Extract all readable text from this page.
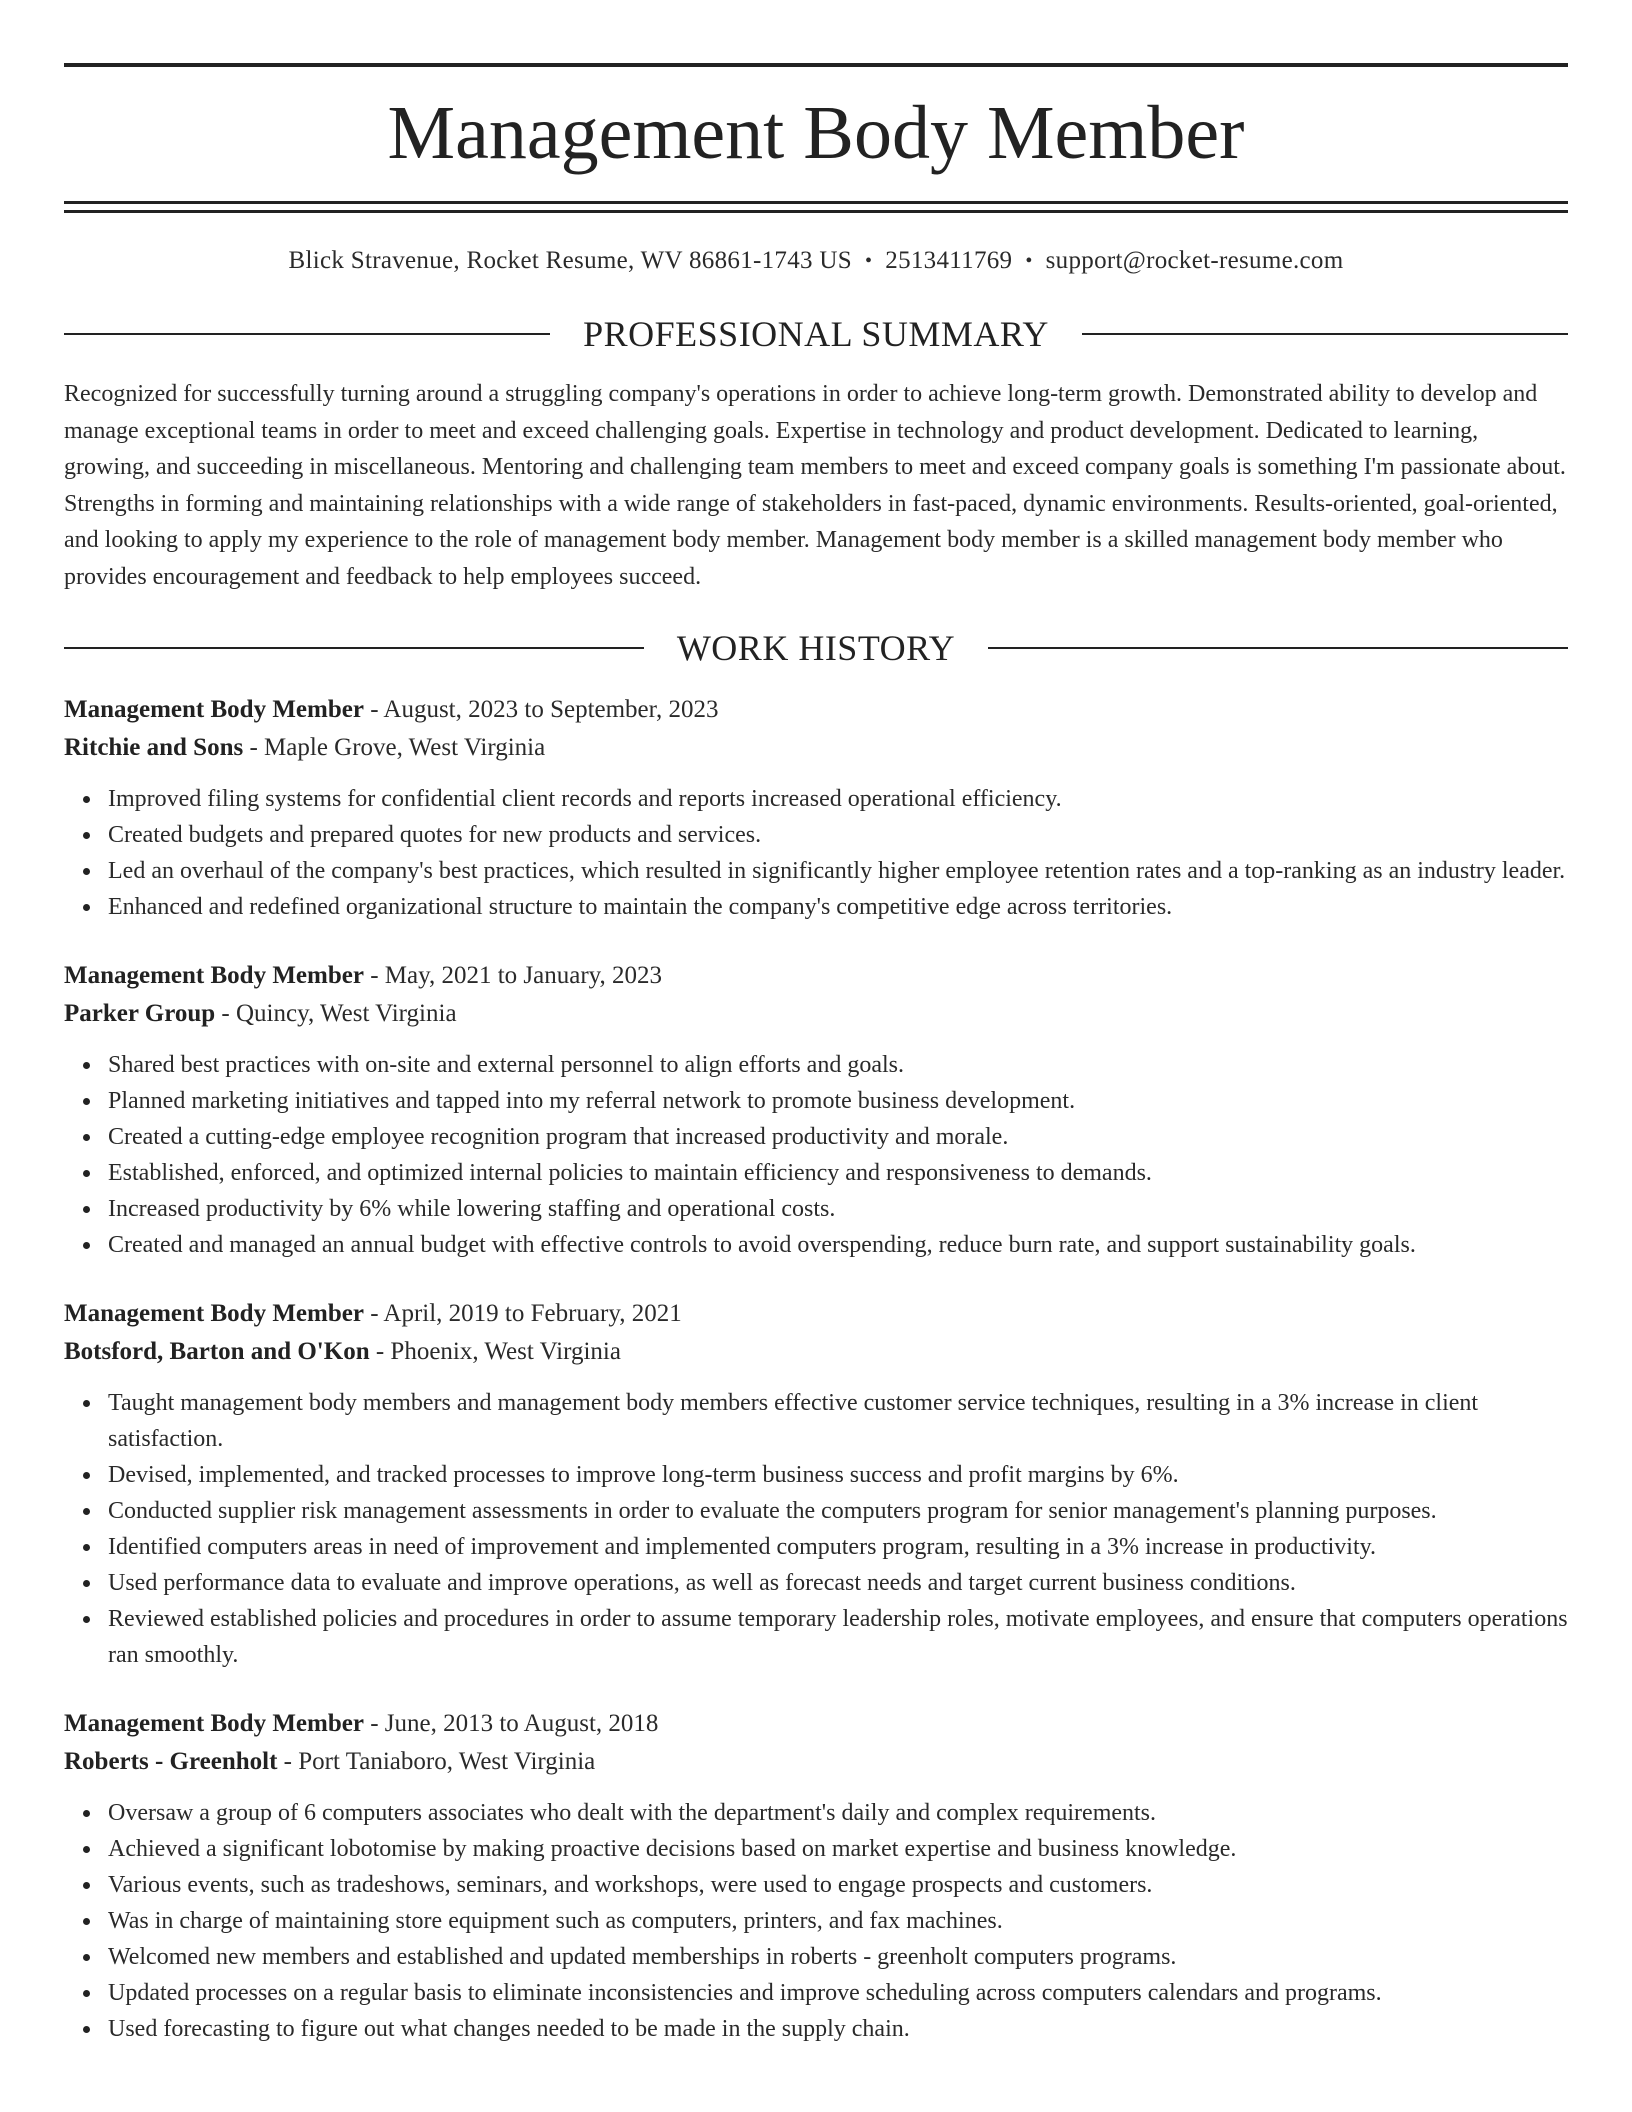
Management Body Member
Blick Stravenue, Rocket Resume, WV 86861-1743 US • 2513411769 • support@rocket-resume.com
PROFESSIONAL SUMMARY
Recognized for successfully turning around a struggling company's operations in order to achieve long-term growth. Demonstrated ability to develop and manage exceptional teams in order to meet and exceed challenging goals. Expertise in technology and product development. Dedicated to learning, growing, and succeeding in miscellaneous. Mentoring and challenging team members to meet and exceed company goals is something I'm passionate about. Strengths in forming and maintaining relationships with a wide range of stakeholders in fast-paced, dynamic environments. Results-oriented, goal-oriented, and looking to apply my experience to the role of management body member. Management body member is a skilled management body member who provides encouragement and feedback to help employees succeed.
WORK HISTORY
Management Body Member - August, 2023 to September, 2023
Ritchie and Sons - Maple Grove, West Virginia
Improved filing systems for confidential client records and reports increased operational efficiency.
Created budgets and prepared quotes for new products and services.
Led an overhaul of the company's best practices, which resulted in significantly higher employee retention rates and a top-ranking as an industry leader.
Enhanced and redefined organizational structure to maintain the company's competitive edge across territories.
Management Body Member - May, 2021 to January, 2023
Parker Group - Quincy, West Virginia
Shared best practices with on-site and external personnel to align efforts and goals.
Planned marketing initiatives and tapped into my referral network to promote business development.
Created a cutting-edge employee recognition program that increased productivity and morale.
Established, enforced, and optimized internal policies to maintain efficiency and responsiveness to demands.
Increased productivity by 6% while lowering staffing and operational costs.
Created and managed an annual budget with effective controls to avoid overspending, reduce burn rate, and support sustainability goals.
Management Body Member - April, 2019 to February, 2021
Botsford, Barton and O'Kon - Phoenix, West Virginia
Taught management body members and management body members effective customer service techniques, resulting in a 3% increase in client satisfaction.
Devised, implemented, and tracked processes to improve long-term business success and profit margins by 6%.
Conducted supplier risk management assessments in order to evaluate the computers program for senior management's planning purposes.
Identified computers areas in need of improvement and implemented computers program, resulting in a 3% increase in productivity.
Used performance data to evaluate and improve operations, as well as forecast needs and target current business conditions.
Reviewed established policies and procedures in order to assume temporary leadership roles, motivate employees, and ensure that computers operations ran smoothly.
Management Body Member - June, 2013 to August, 2018
Roberts - Greenholt - Port Taniaboro, West Virginia
Oversaw a group of 6 computers associates who dealt with the department's daily and complex requirements.
Achieved a significant lobotomise by making proactive decisions based on market expertise and business knowledge.
Various events, such as tradeshows, seminars, and workshops, were used to engage prospects and customers.
Was in charge of maintaining store equipment such as computers, printers, and fax machines.
Welcomed new members and established and updated memberships in roberts - greenholt computers programs.
Updated processes on a regular basis to eliminate inconsistencies and improve scheduling across computers calendars and programs.
Used forecasting to figure out what changes needed to be made in the supply chain.
